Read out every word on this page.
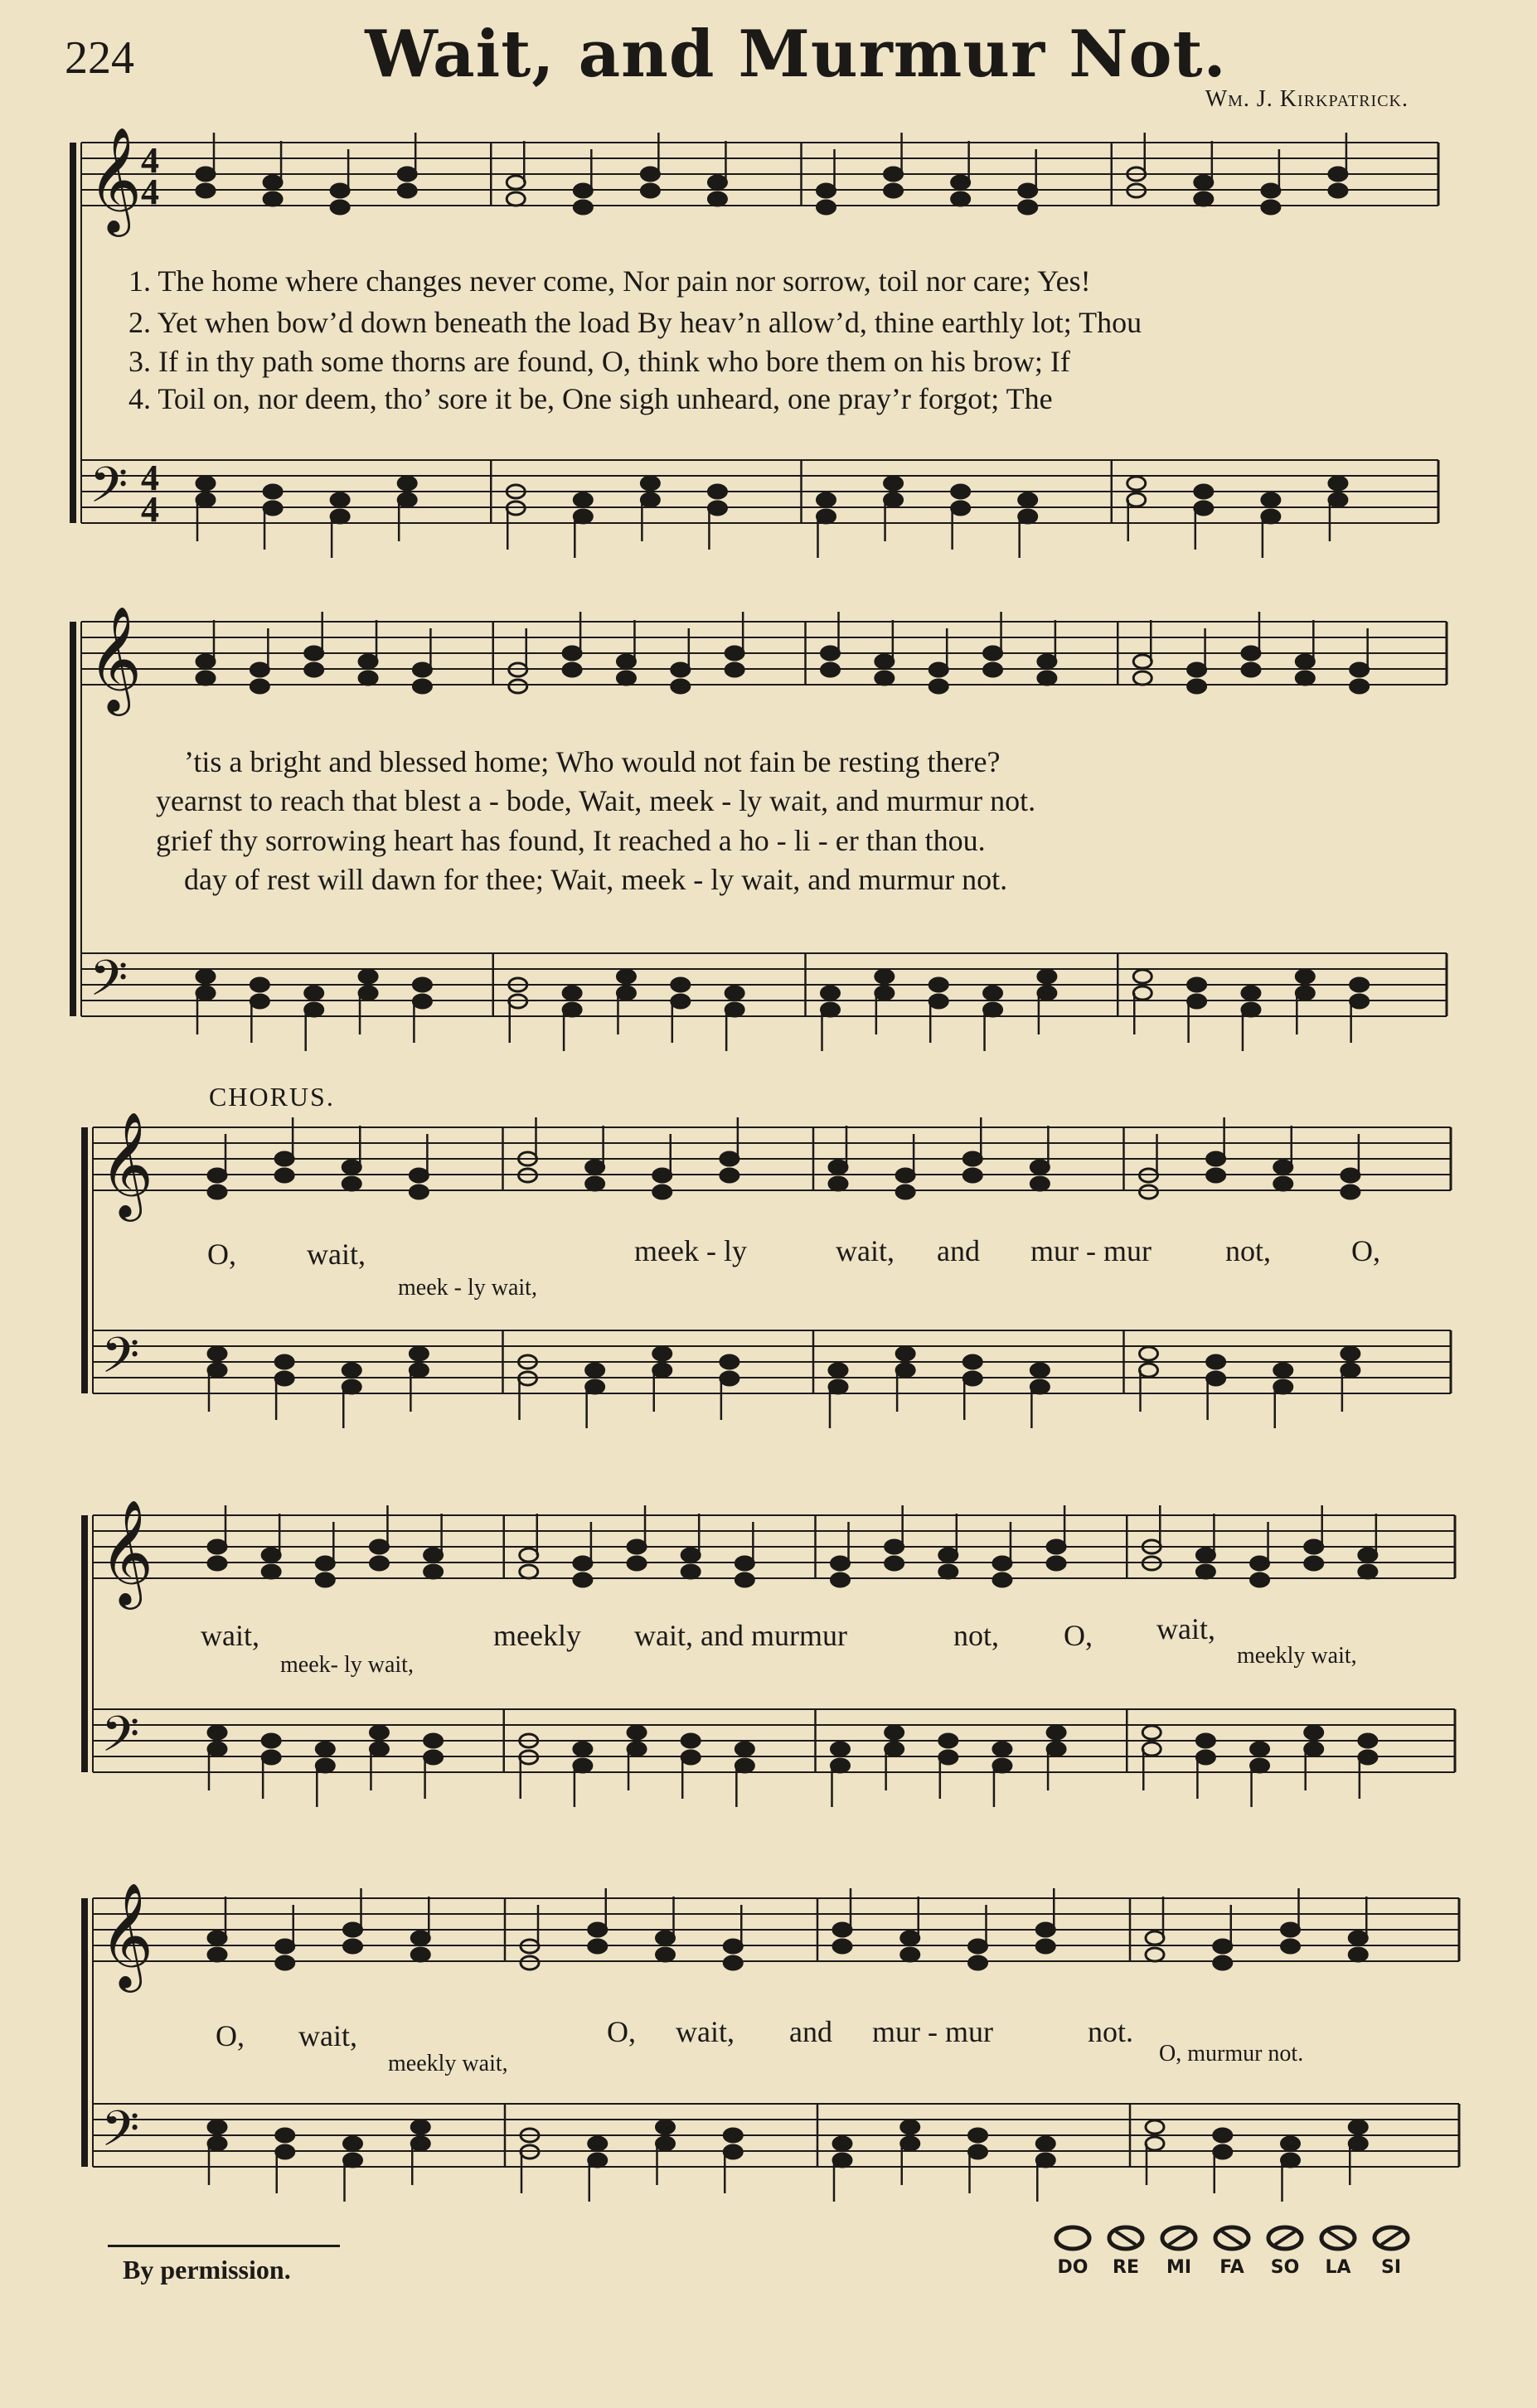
224	Wait, and Murmur Not.
Wm. J. Kirkpatrick.
𝄞
𝄢
4
4
4
4
𝄞
𝄢
𝄞
𝄢
𝄞
𝄢
𝄞
𝄢
1. The home where changes never come, Nor pain nor sorrow, toil nor care; Yes!
2. Yet when bow’d down beneath the load By heav’n allow’d, thine earthly lot; Thou
3. If in thy path some thorns are found, O, think who bore them on his brow; If
4. Toil on, nor deem, tho’ sore it be, One sigh unheard, one pray’r forgot; The
’tis a bright and blessed home; Who would not fain be resting there?
yearnst to reach that blest a - bode, Wait, meek - ly wait, and murmur not.
grief thy sorrowing heart has found, It reached a ho - li - er than thou.
day of rest will dawn for thee; Wait, meek - ly wait, and murmur not.
CHORUS.
O, wait,	meek - ly	wait, and mur - mur not,	O,
meek - ly wait,
wait,	meekly wait, and murmur	not, O, wait,
meek- ly wait,	meekly wait,
O, wait,	O, wait, and mur - mur	not.
meekly wait,	O, murmur not.
By permission.	DO RE MI FA SO LA SI
